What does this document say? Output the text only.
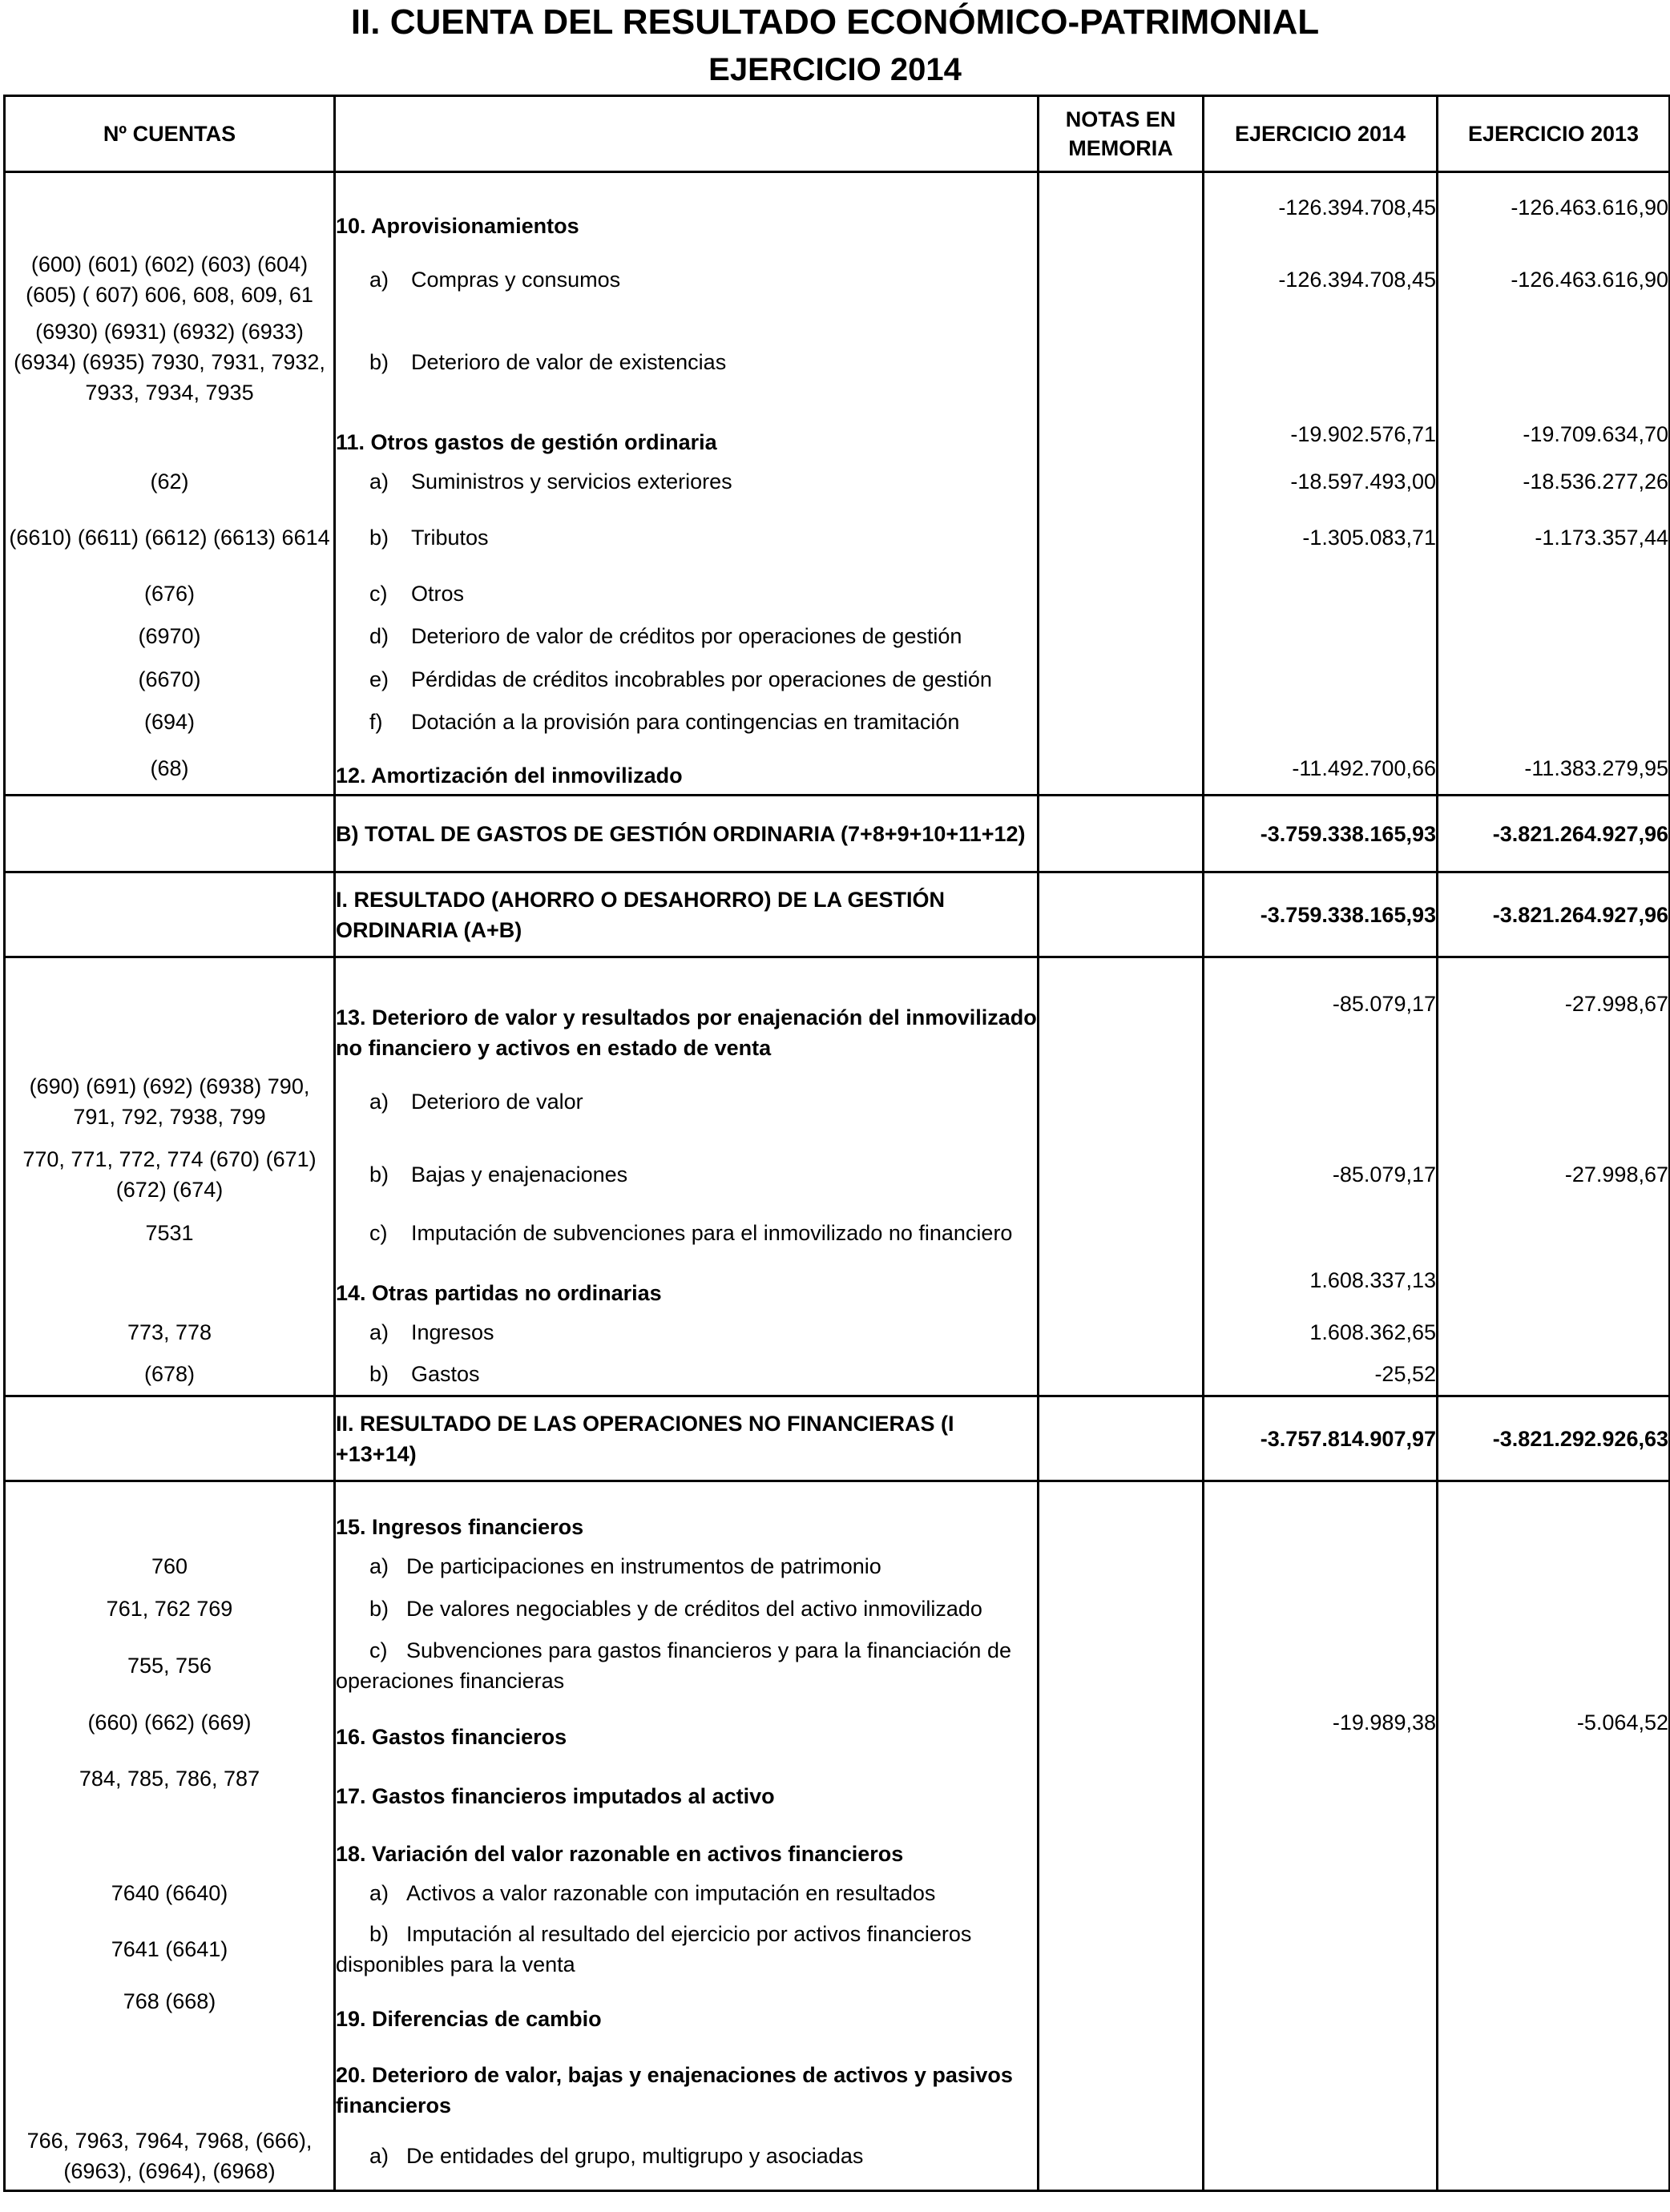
II. CUENTA DEL RESULTADO ECONÓMICO-PATRIMONIAL
EJERCICIO 2014
Nº CUENTAS		NOTAS EN MEMORIA	EJERCICIO 2014	EJERCICIO 2013
	10. Aprovisionamientos		-126.394.708,45	-126.463.616,90
(600) (601) (602) (603) (604) (605) ( 607) 606, 608, 609, 61	a) Compras y consumos		-126.394.708,45	-126.463.616,90
(6930) (6931) (6932) (6933) (6934) (6935) 7930, 7931, 7932, 7933, 7934, 7935	b) Deterioro de valor de existencias			
	11. Otros gastos de gestión ordinaria		-19.902.576,71	-19.709.634,70
(62)	a) Suministros y servicios exteriores		-18.597.493,00	-18.536.277,26
(6610) (6611) (6612) (6613) 6614	b) Tributos		-1.305.083,71	-1.173.357,44
(676)	c) Otros			
(6970)	d) Deterioro de valor de créditos por operaciones de gestión			
(6670)	e) Pérdidas de créditos incobrables por operaciones de gestión			
(694)	f) Dotación a la provisión para contingencias en tramitación			
(68)	12. Amortización del inmovilizado		-11.492.700,66	-11.383.279,95
	B) TOTAL DE GASTOS DE GESTIÓN ORDINARIA (7+8+9+10+11+12)		-3.759.338.165,93	-3.821.264.927,96
	I. RESULTADO (AHORRO O DESAHORRO) DE LA GESTIÓN ORDINARIA (A+B)		-3.759.338.165,93	-3.821.264.927,96
	13. Deterioro de valor y resultados por enajenación del inmovilizado no financiero y activos en estado de venta		-85.079,17	-27.998,67
(690) (691) (692) (6938) 790, 791, 792, 7938, 799	a) Deterioro de valor			
770, 771, 772, 774 (670) (671) (672) (674)	b) Bajas y enajenaciones		-85.079,17	-27.998,67
7531	c) Imputación de subvenciones para el inmovilizado no financiero			
	14. Otras partidas no ordinarias		1.608.337,13	
773, 778	a) Ingresos		1.608.362,65	
(678)	b) Gastos		-25,52	
	II. RESULTADO DE LAS OPERACIONES NO FINANCIERAS (I +13+14)		-3.757.814.907,97	-3.821.292.926,63
	15. Ingresos financieros			
760	a) De participaciones en instrumentos de patrimonio			
761, 762 769	b) De valores negociables y de créditos del activo inmovilizado			
755, 756	c) Subvenciones para gastos financieros y para la financiación de operaciones financieras			
(660) (662) (669)	16. Gastos financieros		-19.989,38	-5.064,52
784, 785, 786, 787	17. Gastos financieros imputados al activo			
	18. Variación del valor razonable en activos financieros			
7640 (6640)	a) Activos a valor razonable con imputación en resultados			
7641 (6641)	b) Imputación al resultado del ejercicio por activos financieros disponibles para la venta			
768 (668)	19. Diferencias de cambio			
	20. Deterioro de valor, bajas y enajenaciones de activos y pasivos financieros			
766, 7963, 7964, 7968, (666), (6963), (6964), (6968)	a) De entidades del grupo, multigrupo y asociadas			
